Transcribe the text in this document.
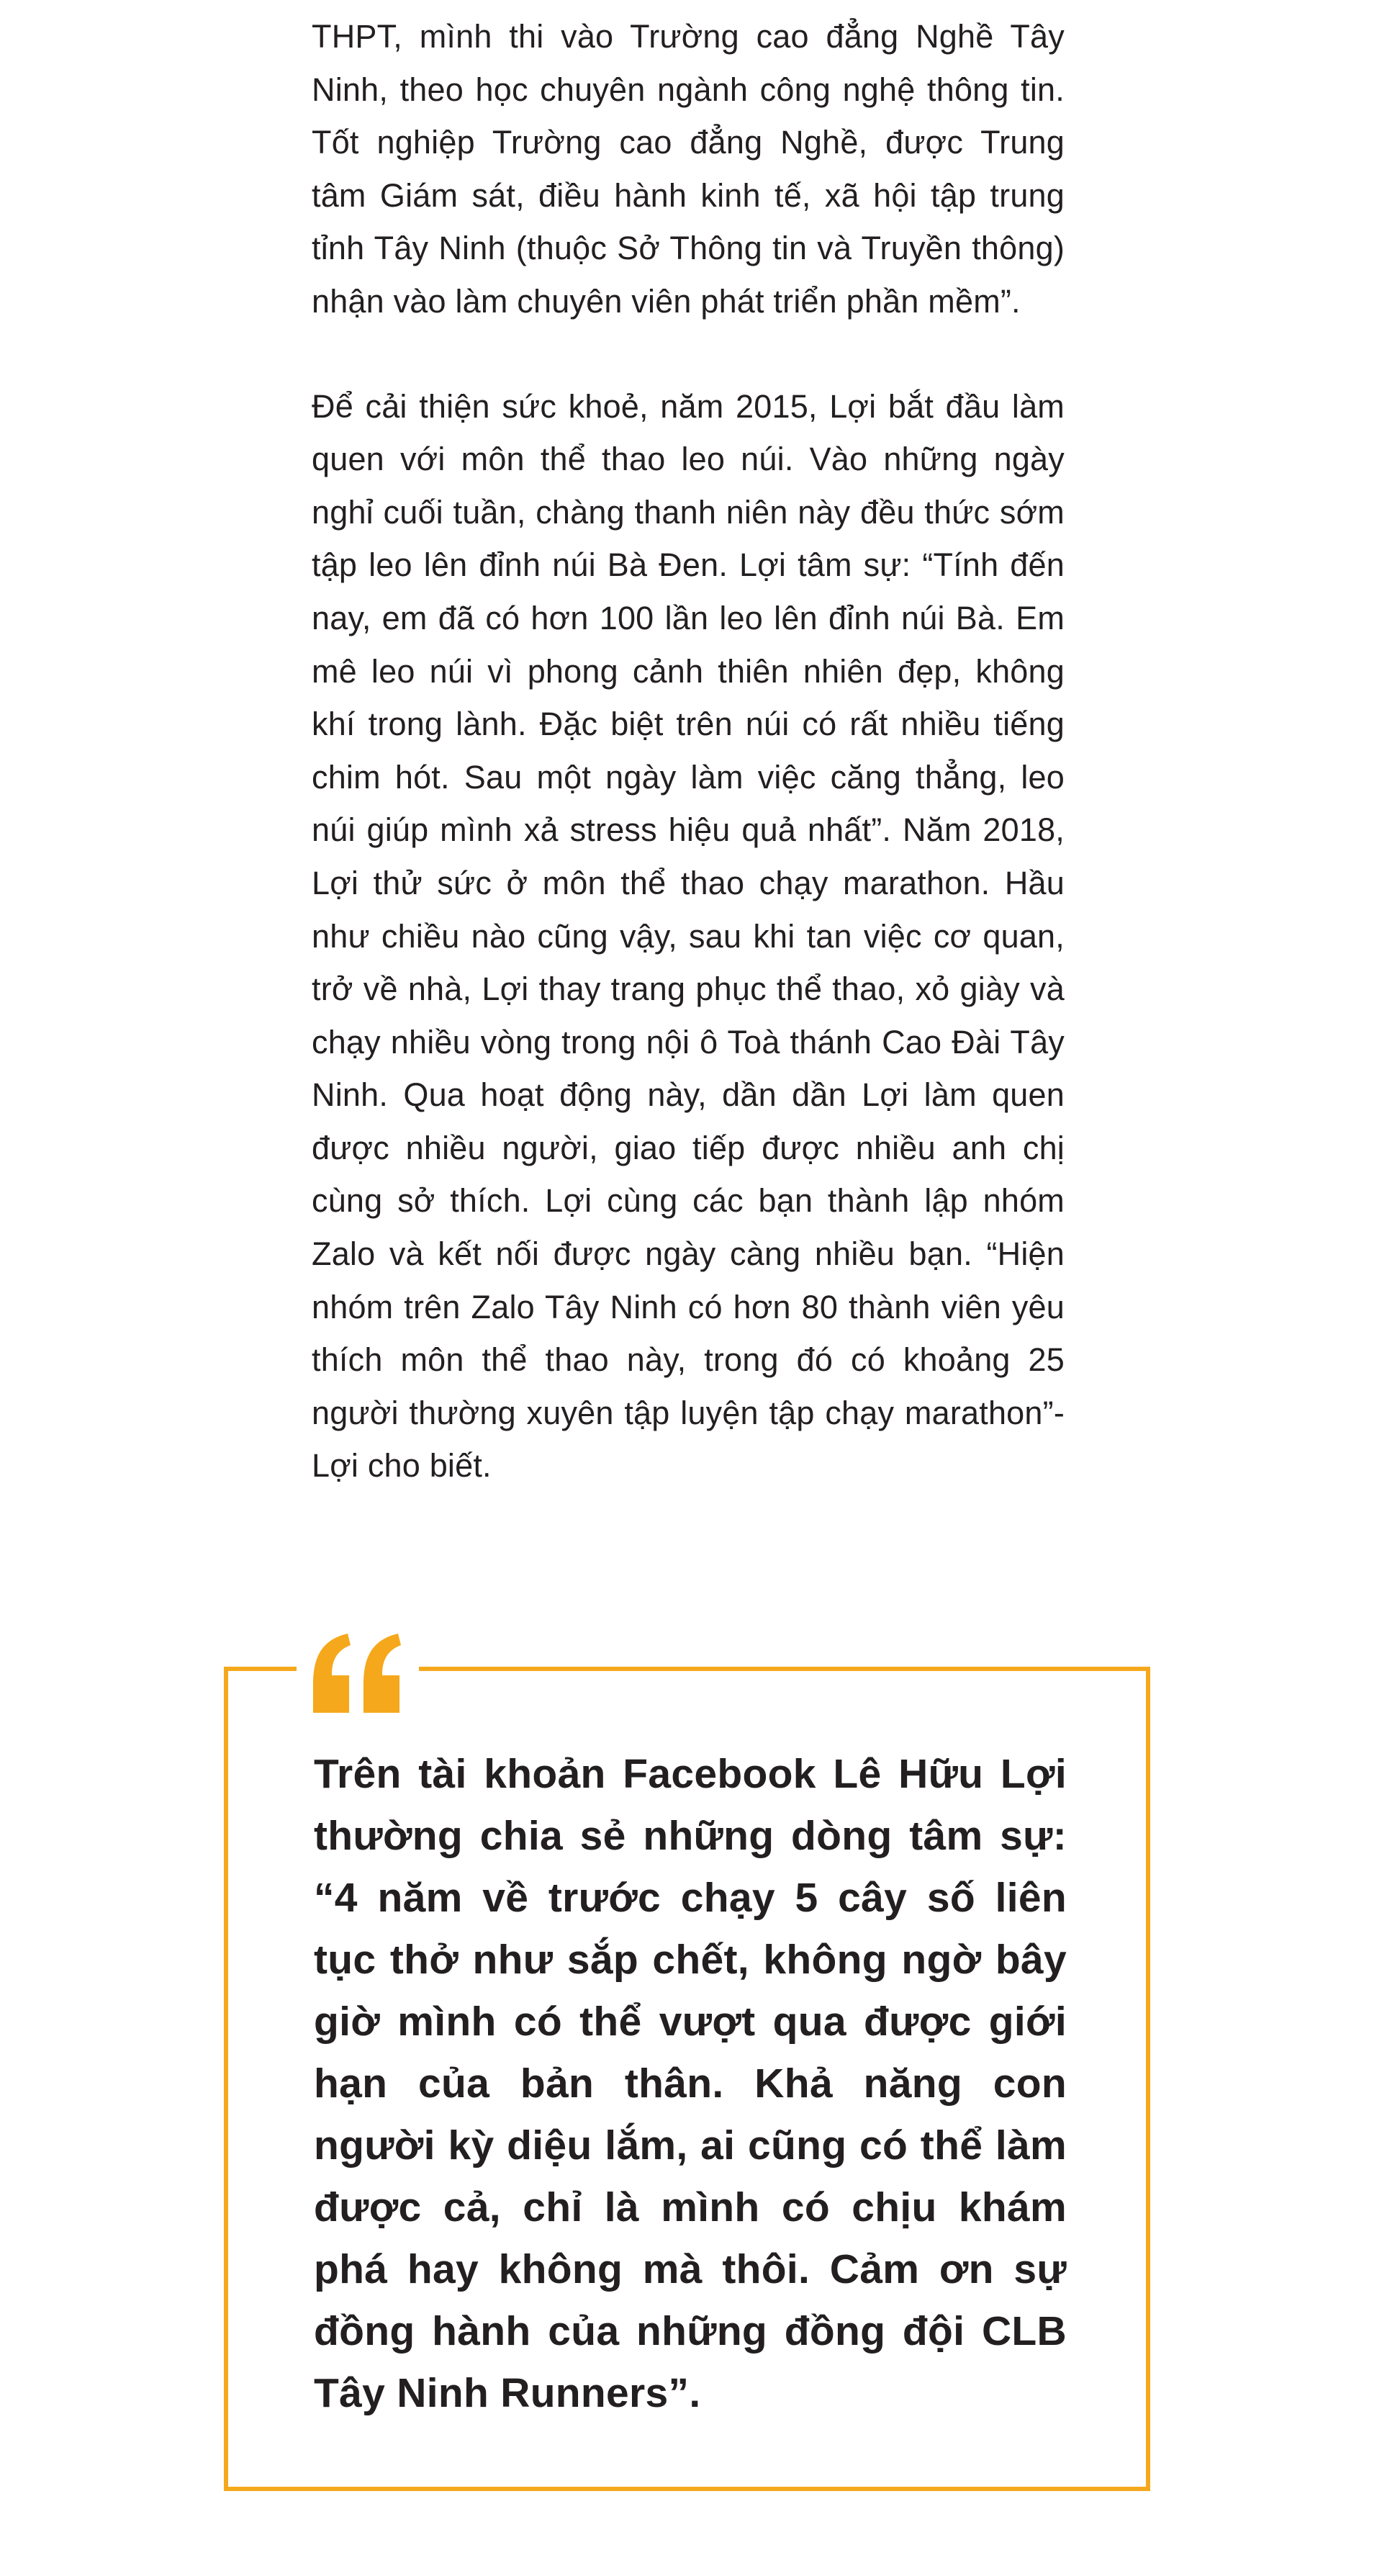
THPT, mình thi vào Trường cao đẳng Nghề Tây Ninh, theo học chuyên ngành công nghệ thông tin. Tốt nghiệp Trường cao đẳng Nghề, được Trung tâm Giám sát, điều hành kinh tế, xã hội tập trung tỉnh Tây Ninh (thuộc Sở Thông tin và Truyền thông) nhận vào làm chuyên viên phát triển phần mềm”.

Để cải thiện sức khoẻ, năm 2015, Lợi bắt đầu làm quen với môn thể thao leo núi. Vào những ngày nghỉ cuối tuần, chàng thanh niên này đều thức sớm tập leo lên đỉnh núi Bà Đen. Lợi tâm sự: “Tính đến nay, em đã có hơn 100 lần leo lên đỉnh núi Bà. Em mê leo núi vì phong cảnh thiên nhiên đẹp, không khí trong lành. Đặc biệt trên núi có rất nhiều tiếng chim hót. Sau một ngày làm việc căng thẳng, leo núi giúp mình xả stress hiệu quả nhất”. Năm 2018, Lợi thử sức ở môn thể thao chạy marathon. Hầu như chiều nào cũng vậy, sau khi tan việc cơ quan, trở về nhà, Lợi thay trang phục thể thao, xỏ giày và chạy nhiều vòng trong nội ô Toà thánh Cao Đài Tây Ninh. Qua hoạt động này, dần dần Lợi làm quen được nhiều người, giao tiếp được nhiều anh chị cùng sở thích. Lợi cùng các bạn thành lập nhóm Zalo và kết nối được ngày càng nhiều bạn. “Hiện nhóm trên Zalo Tây Ninh có hơn 80 thành viên yêu thích môn thể thao này, trong đó có khoảng 25 người thường xuyên tập luyện tập chạy marathon”- Lợi cho biết.

Trên tài khoản Facebook Lê Hữu Lợi thường chia sẻ những dòng tâm sự: “4 năm về trước chạy 5 cây số liên tục thở như sắp chết, không ngờ bây giờ mình có thể vượt qua được giới hạn của bản thân. Khả năng con người kỳ diệu lắm, ai cũng có thể làm được cả, chỉ là mình có chịu khám phá hay không mà thôi. Cảm ơn sự đồng hành của những đồng đội CLB Tây Ninh Runners”.
